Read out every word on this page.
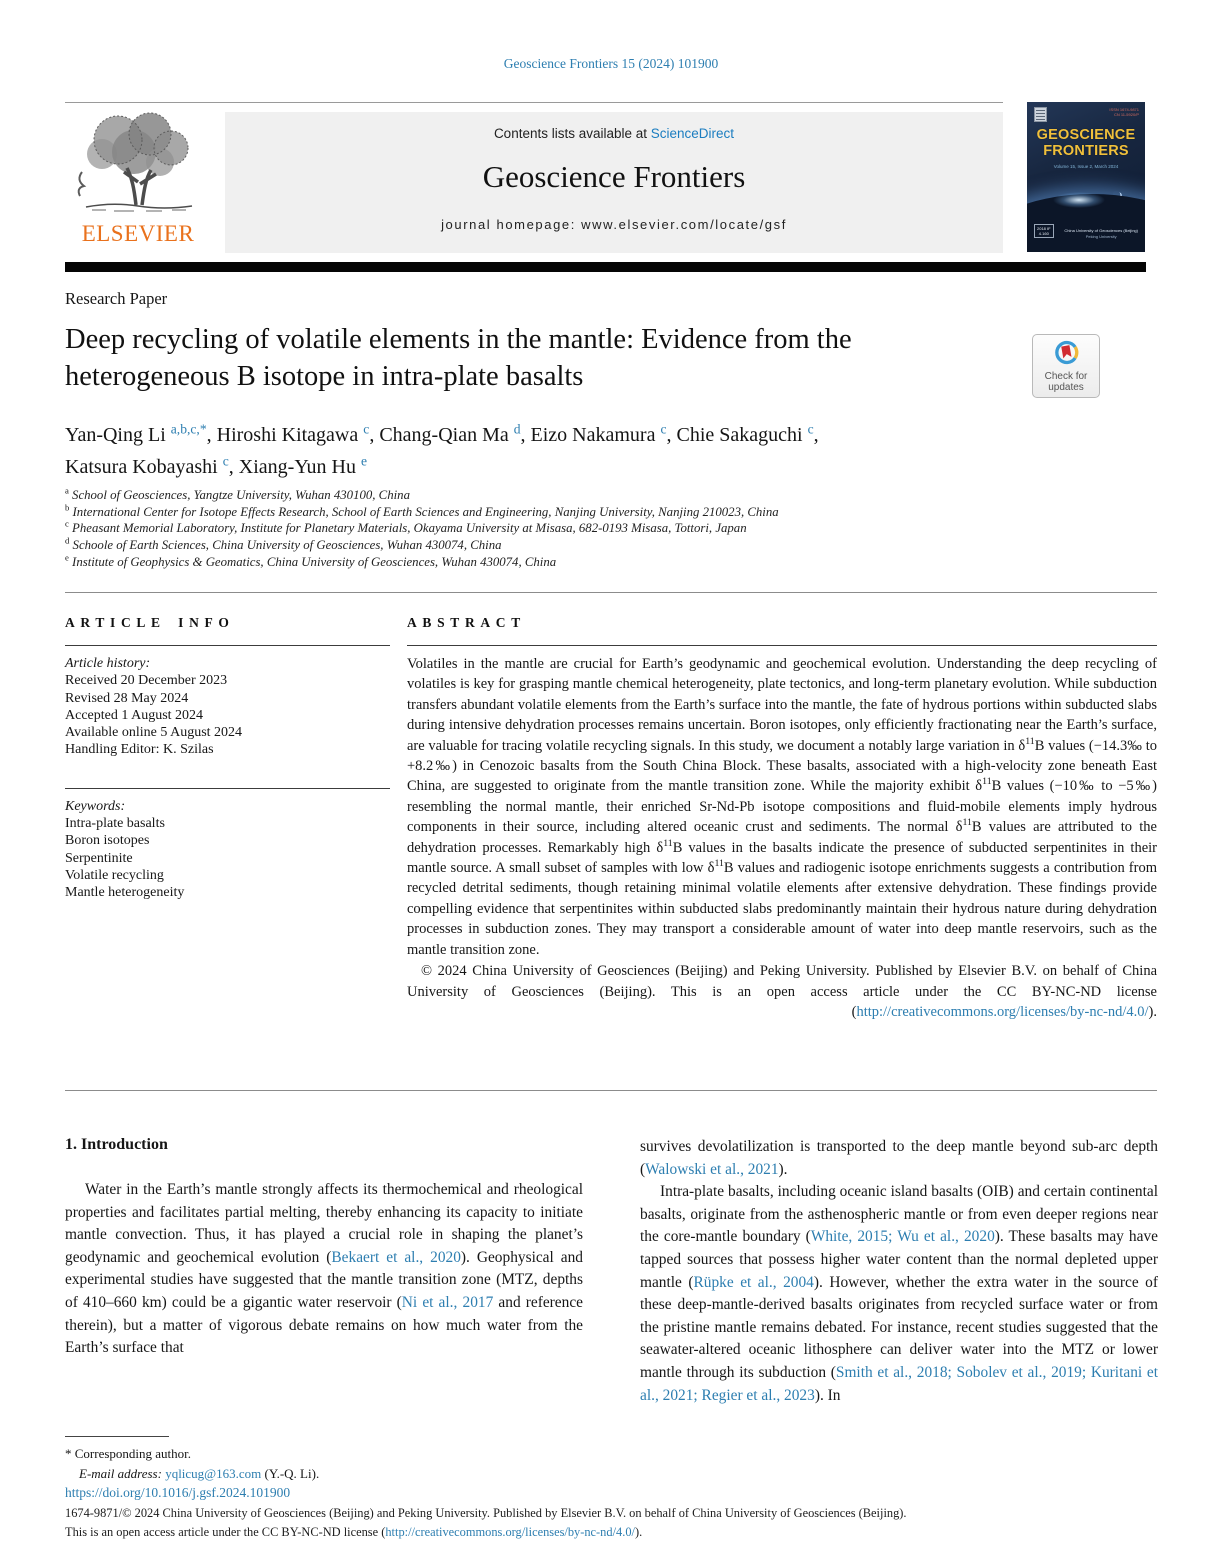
Geoscience Frontiers 15 (2024) 101900
ELSEVIER
Contents lists available at ScienceDirect
Geoscience Frontiers
journal homepage: www.elsevier.com/locate/gsf
ISSN 1674-9871
CN 11-5920/P
GEOSCIENCE
FRONTIERS
Volume 15, Issue 2, March 2024
2018 IF
4.160
China University of Geosciences (Beijing)
Peking University
Research Paper
Deep recycling of volatile elements in the mantle: Evidence from the heterogeneous B isotope in intra-plate basalts	Check for
updates
Yan-Qing Li $^{a,b,c,*}$, Hiroshi Kitagawa $^c$, Chang-Qian Ma $^d$, Eizo Nakamura $^c$, Chie Sakaguchi $^c$,
Katsura Kobayashi $^c$, Xiang-Yun Hu $^e$
$^a$ School of Geosciences, Yangtze University, Wuhan 430100, China
$^b$ International Center for Isotope Effects Research, School of Earth Sciences and Engineering, Nanjing University, Nanjing 210023, China
$^c$ Pheasant Memorial Laboratory, Institute for Planetary Materials, Okayama University at Misasa, 682-0193 Misasa, Tottori, Japan
$^d$ Schoole of Earth Sciences, China University of Geosciences, Wuhan 430074, China
$^e$ Institute of Geophysics & Geomatics, China University of Geosciences, Wuhan 430074, China
ARTICLE INFO
Article history:
Received 20 December 2023
Revised 28 May 2024
Accepted 1 August 2024
Available online 5 August 2024
Handling Editor: K. Szilas
Keywords:
Intra-plate basalts
Boron isotopes
Serpentinite
Volatile recycling
Mantle heterogeneity
ABSTRACT
Volatiles in the mantle are crucial for Earth’s geodynamic and geochemical evolution. Understanding the deep recycling of volatiles is key for grasping mantle chemical heterogeneity, plate tectonics, and long-term planetary evolution. While subduction transfers abundant volatile elements from the Earth’s surface into the mantle, the fate of hydrous portions within subducted slabs during intensive dehydration processes remains uncertain. Boron isotopes, only efficiently fractionating near the Earth’s surface, are valuable for tracing volatile recycling signals. In this study, we document a notably large variation in $\delta^{11}B$ values (−14.3‰ to +8.2‰) in Cenozoic basalts from the South China Block. These basalts, associated with a high-velocity zone beneath East China, are suggested to originate from the mantle transition zone. While the majority exhibit $\delta^{11}B$ values (−10‰ to −5‰) resembling the normal mantle, their enriched Sr-Nd-Pb isotope compositions and fluid-mobile elements imply hydrous components in their source, including altered oceanic crust and sediments. The normal $\delta^{11}B$ values are attributed to the dehydration processes. Remarkably high $\delta^{11}B$ values in the basalts indicate the presence of subducted serpentinites in their mantle source. A small subset of samples with low $\delta^{11}B$ values and radiogenic isotope enrichments suggests a contribution from recycled detrital sediments, though retaining minimal volatile elements after extensive dehydration. These findings provide compelling evidence that serpentinites within subducted slabs predominantly maintain their hydrous nature during dehydration processes in subduction zones. They may transport a considerable amount of water into deep mantle reservoirs, such as the mantle transition zone.
© 2024 China University of Geosciences (Beijing) and Peking University. Published by Elsevier B.V. on behalf of China University of Geosciences (Beijing). This is an open access article under the CC BY-NC-ND license (http://creativecommons.org/licenses/by-nc-nd/4.0/).
1. Introduction

Water in the Earth’s mantle strongly affects its thermochemical and rheological properties and facilitates partial melting, thereby enhancing its capacity to initiate mantle convection. Thus, it has played a crucial role in shaping the planet’s geodynamic and geochemical evolution (Bekaert et al., 2020). Geophysical and experimental studies have suggested that the mantle transition zone (MTZ, depths of 410–660 km) could be a gigantic water reservoir (Ni et al., 2017 and reference therein), but a matter of vigorous debate remains on how much water from the Earth’s surface that

survives devolatilization is transported to the deep mantle beyond sub-arc depth (Walowski et al., 2021).

Intra-plate basalts, including oceanic island basalts (OIB) and certain continental basalts, originate from the asthenospheric mantle or from even deeper regions near the core-mantle boundary (White, 2015; Wu et al., 2020). These basalts may have tapped sources that possess higher water content than the normal depleted upper mantle (Rüpke et al., 2004). However, whether the extra water in the source of these deep-mantle-derived basalts originates from recycled surface water or from the pristine mantle remains debated. For instance, recent studies suggested that the seawater-altered oceanic lithosphere can deliver water into the MTZ or lower mantle through its subduction (Smith et al., 2018; Sobolev et al., 2019; Kuritani et al., 2021; Regier et al., 2023). In

* Corresponding author.
E-mail address: yqlicug@163.com (Y.-Q. Li).
https://doi.org/10.1016/j.gsf.2024.101900
1674-9871/© 2024 China University of Geosciences (Beijing) and Peking University. Published by Elsevier B.V. on behalf of China University of Geosciences (Beijing).
This is an open access article under the CC BY-NC-ND license (http://creativecommons.org/licenses/by-nc-nd/4.0/).
